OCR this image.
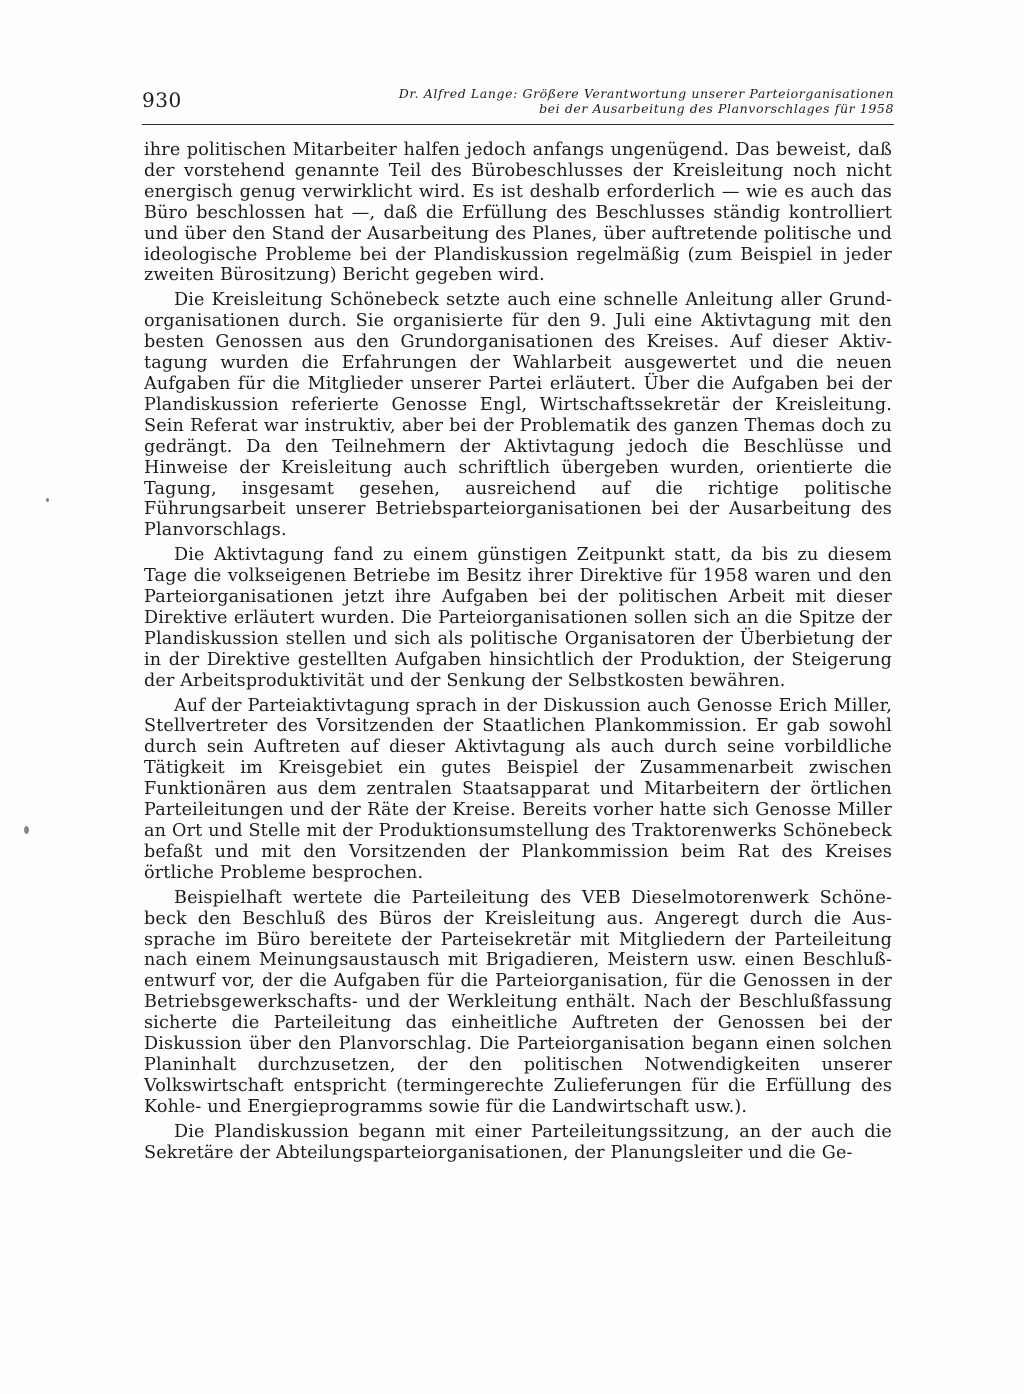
930	Dr. Alfred Lange: Größere Verantwortung unserer Parteiorganisationen
bei der Ausarbeitung des Planvorschlages für 1958

ihre politischen Mitarbeiter halfen jedoch anfangs ungenügend. Das beweist, daß der vorstehend genannte Teil des Bürobeschlusses der Kreisleitung noch nicht energisch genug verwirklicht wird. Es ist deshalb erforderlich — wie es auch das Büro beschlossen hat —, daß die Erfüllung des Beschlusses ständig kontrolliert und über den Stand der Ausarbeitung des Planes, über auftretende politische und ideologische Probleme bei der Plandiskussion regelmäßig (zum Beispiel in jeder zweiten Bürositzung) Bericht gegeben wird.

Die Kreisleitung Schönebeck setzte auch eine schnelle Anleitung aller Grundorganisationen durch. Sie organisierte für den 9. Juli eine Aktivtagung mit den besten Genossen aus den Grundorganisationen des Kreises. Auf dieser Aktivtagung wurden die Erfahrungen der Wahlarbeit ausgewertet und die neuen Aufgaben für die Mitglieder unserer Partei erläutert. Über die Aufgaben bei der Plandiskussion referierte Genosse Engl, Wirtschaftssekretär der Kreisleitung. Sein Referat war instruktiv, aber bei der Problematik des ganzen Themas doch zu gedrängt. Da den Teilnehmern der Aktivtagung jedoch die Beschlüsse und Hinweise der Kreisleitung auch schriftlich übergeben wurden, orientierte die Tagung, insgesamt gesehen, ausreichend auf die richtige politische Führungsarbeit unserer Betriebsparteiorganisationen bei der Ausarbeitung des Planvorschlags.

Die Aktivtagung fand zu einem günstigen Zeitpunkt statt, da bis zu diesem Tage die volkseigenen Betriebe im Besitz ihrer Direktive für 1958 waren und den Parteiorganisationen jetzt ihre Aufgaben bei der politischen Arbeit mit dieser Direktive erläutert wurden. Die Parteiorganisationen sollen sich an die Spitze der Plandiskussion stellen und sich als politische Organisatoren der Überbietung der in der Direktive gestellten Aufgaben hinsichtlich der Produktion, der Steigerung der Arbeitsproduktivität und der Senkung der Selbstkosten bewähren.

Auf der Parteiaktivtagung sprach in der Diskussion auch Genosse Erich Miller, Stellvertreter des Vorsitzenden der Staatlichen Plankommission. Er gab sowohl durch sein Auftreten auf dieser Aktivtagung als auch durch seine vorbildliche Tätigkeit im Kreisgebiet ein gutes Beispiel der Zusammenarbeit zwischen Funktionären aus dem zentralen Staatsapparat und Mitarbeitern der örtlichen Parteileitungen und der Räte der Kreise. Bereits vorher hatte sich Genosse Miller an Ort und Stelle mit der Produktionsumstellung des Traktorenwerks Schönebeck befaßt und mit den Vorsitzenden der Plankommission beim Rat des Kreises örtliche Probleme besprochen.

Beispielhaft wertete die Parteileitung des VEB Dieselmotorenwerk Schönebeck den Beschluß des Büros der Kreisleitung aus. Angeregt durch die Aussprache im Büro bereitete der Parteisekretär mit Mitgliedern der Parteileitung nach einem Meinungsaustausch mit Brigadieren, Meistern usw. einen Beschlußentwurf vor, der die Aufgaben für die Parteiorganisation, für die Genossen in der Betriebsgewerkschafts- und der Werkleitung enthält. Nach der Beschlußfassung sicherte die Parteileitung das einheitliche Auftreten der Genossen bei der Diskussion über den Planvorschlag. Die Parteiorganisation begann einen solchen Planinhalt durchzusetzen, der den politischen Notwendigkeiten unserer Volkswirtschaft entspricht (termingerechte Zulieferungen für die Erfüllung des Kohle- und Energieprogramms sowie für die Landwirtschaft usw.).

Die Plandiskussion begann mit einer Parteileitungssitzung, an der auch die Sekretäre der Abteilungsparteiorganisationen, der Planungsleiter und die Ge-
